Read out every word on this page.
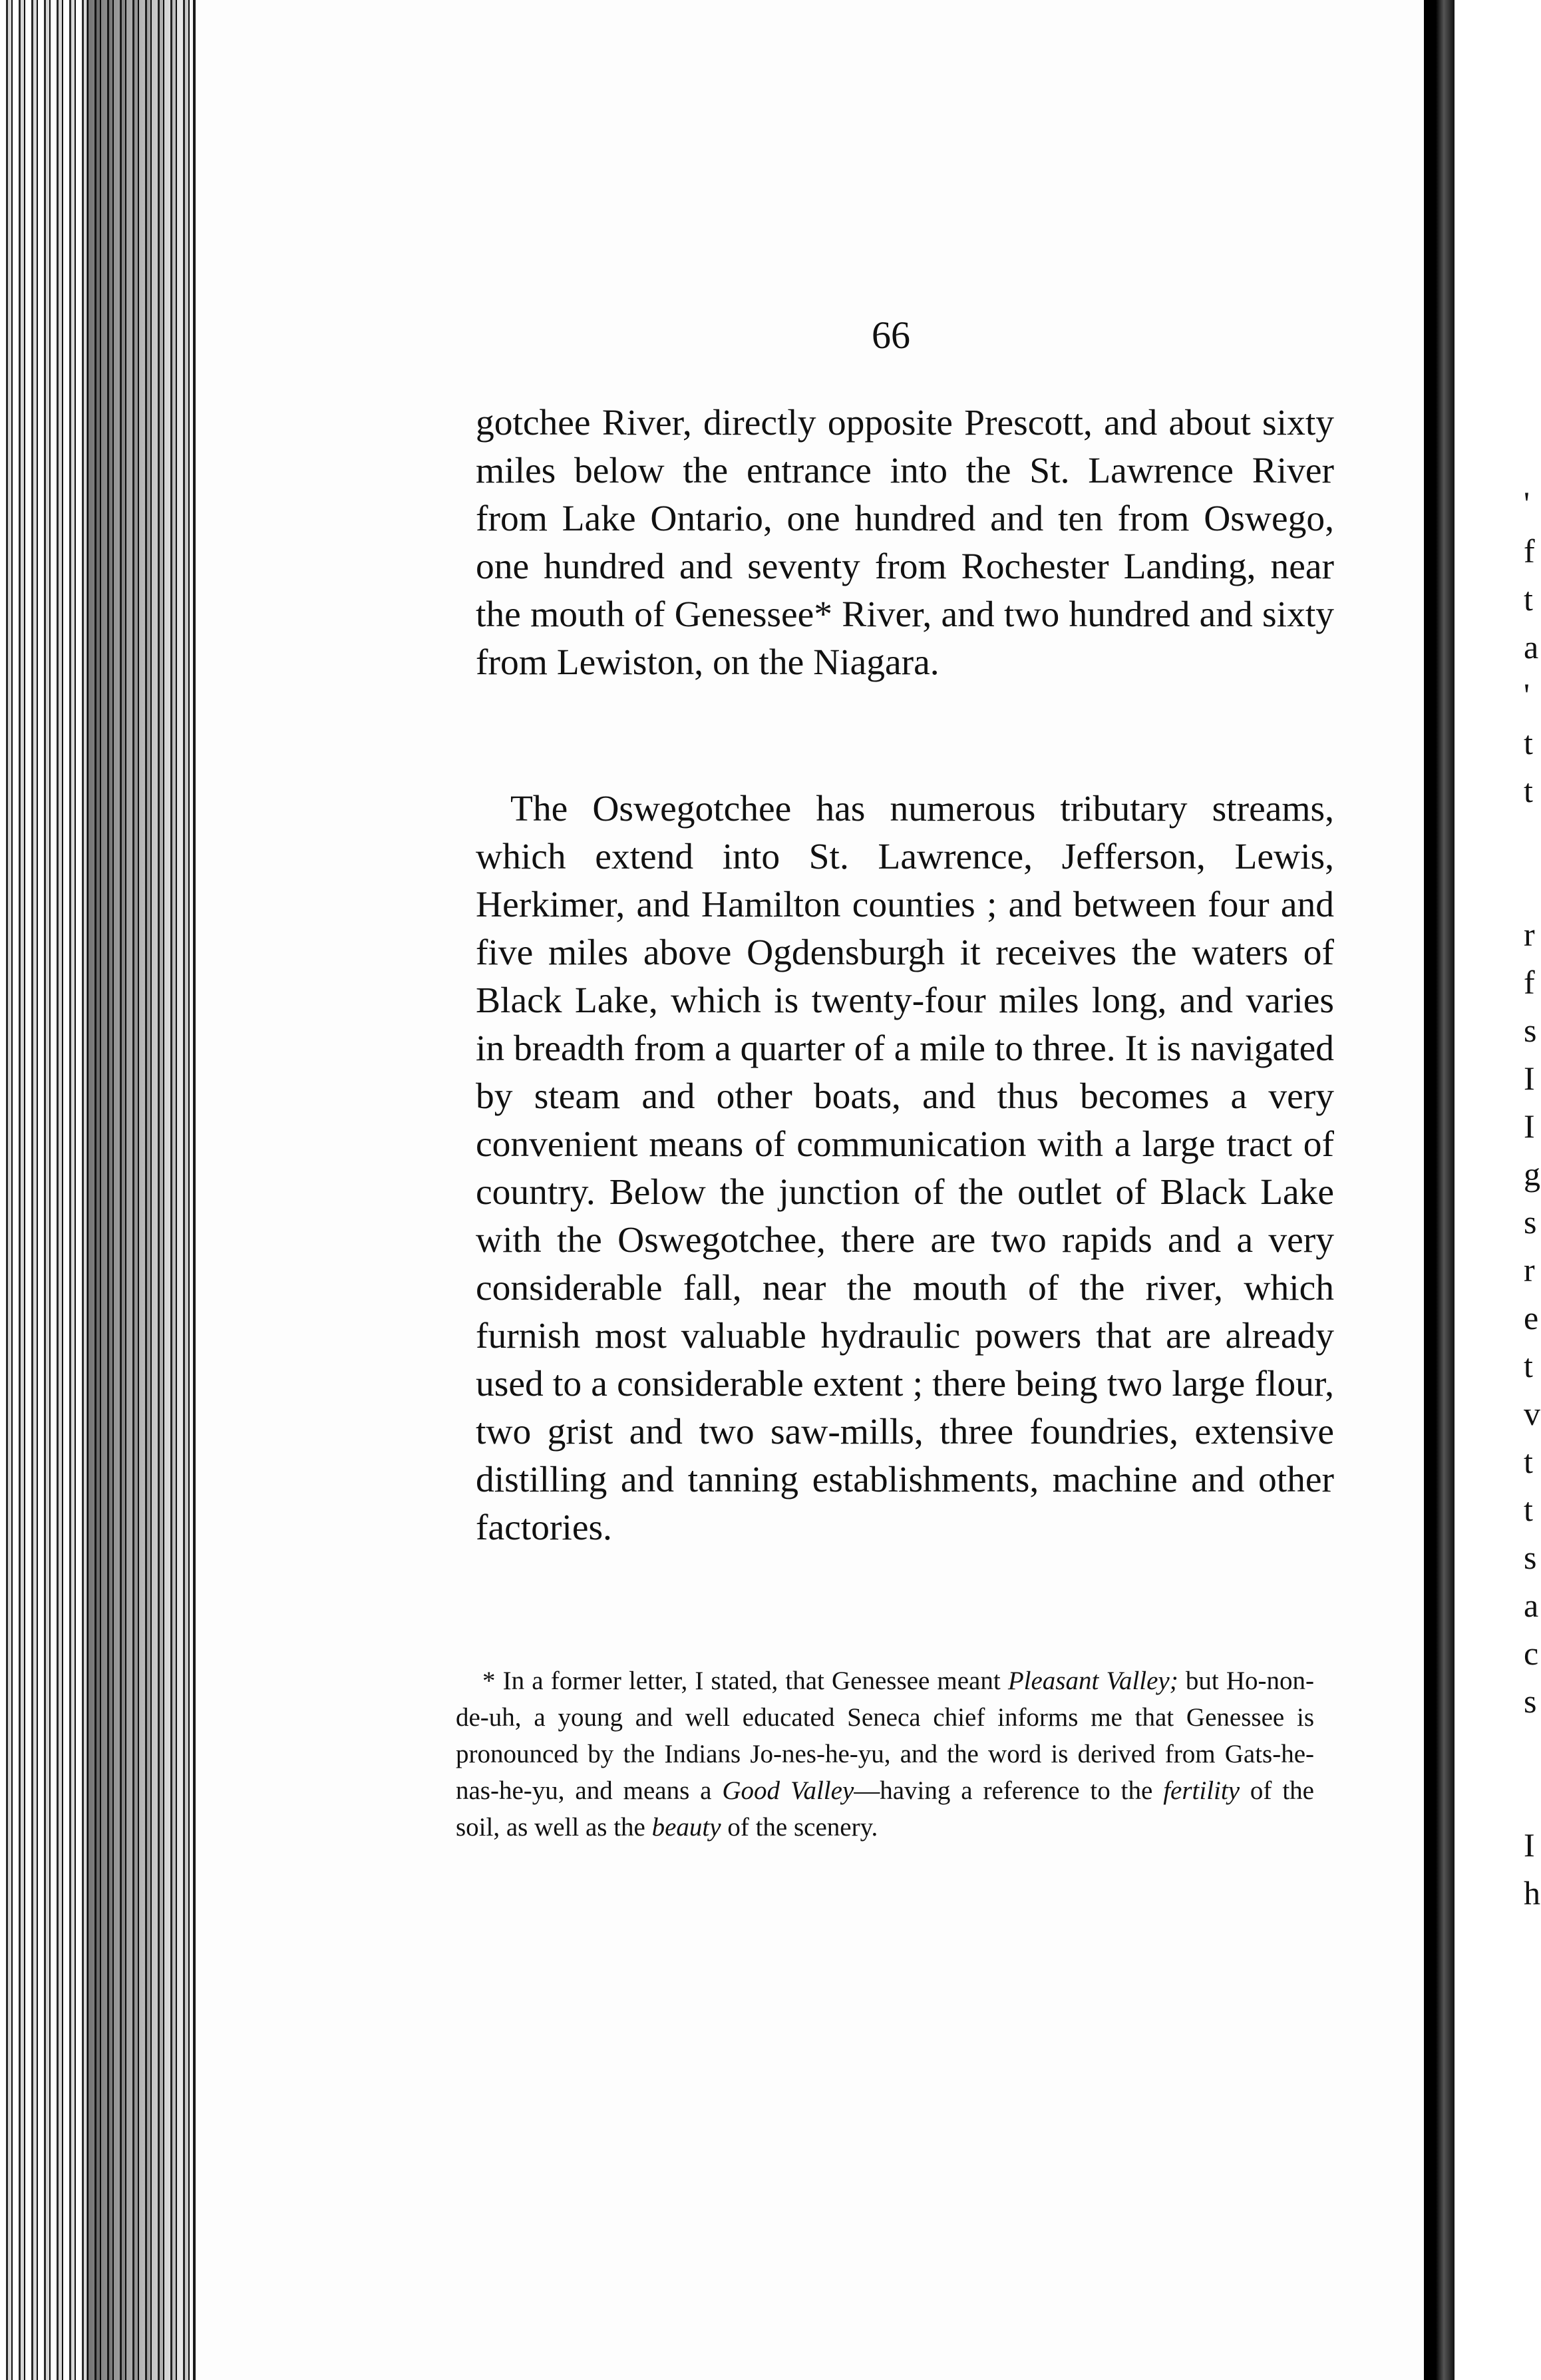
66

gotchee River, directly opposite Prescott, and about sixty miles below the entrance into the St. Lawrence River from Lake Ontario, one hundred and ten from Oswego, one hundred and seventy from Rochester Landing, near the mouth of Genessee* River, and two hundred and sixty from Lewiston, on the Niagara.

The Oswegotchee has numerous tributary streams, which extend into St. Lawrence, Jefferson, Lewis, Herkimer, and Hamilton counties ; and between four and five miles above Ogdensburgh it receives the waters of Black Lake, which is twenty-four miles long, and varies in breadth from a quarter of a mile to three. It is navigated by steam and other boats, and thus becomes a very convenient means of communication with a large tract of country. Below the junction of the outlet of Black Lake with the Oswegotchee, there are two rapids and a very considerable fall, near the mouth of the river, which furnish most valuable hydraulic powers that are already used to a considerable extent ; there being two large flour, two grist and two saw-mills, three foundries, extensive distilling and tanning establishments, machine and other factories.

* In a former letter, I stated, that Genessee meant Pleasant Valley; but Ho-non-de-uh, a young and well educated Seneca chief informs me that Genessee is pronounced by the Indians Jo-nes-he-yu, and the word is derived from Gats-he-nas-he-yu, and means a Good Valley—having a reference to the fertility of the soil, as well as the beauty of the scenery.

'
f
t
a
'
t
t

r
f
s
I
I
g
s
r
e
t
v
t
t
s
a
c
s

I
h
